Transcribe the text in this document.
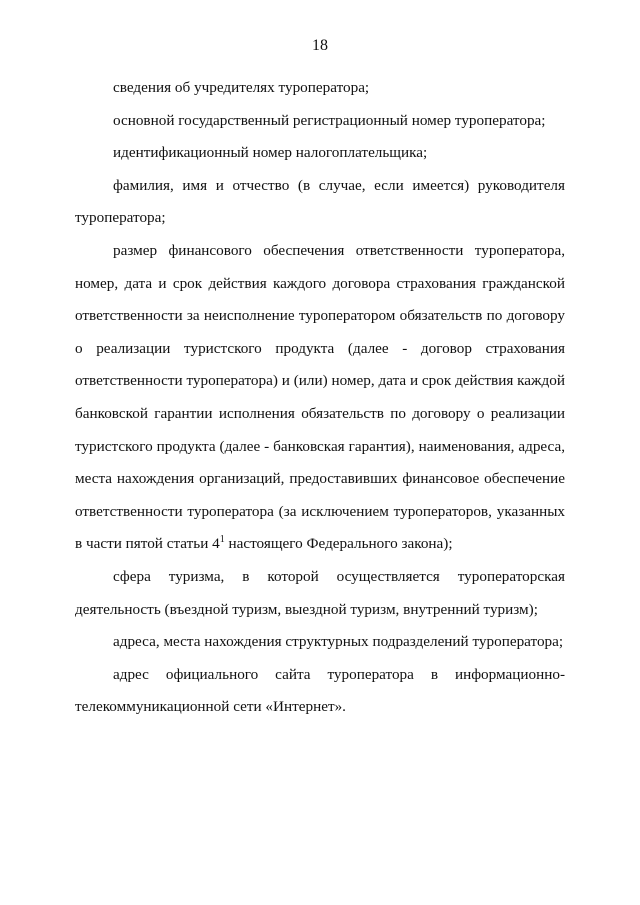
18

сведения об учредителях туроператора;

основной государственный регистрационный номер туроператора;

идентификационный номер налогоплательщика;

фамилия, имя и отчество (в случае, если имеется) руководителя туроператора;

размер финансового обеспечения ответственности туроператора, номер, дата и срок действия каждого договора страхования гражданской ответственности за неисполнение туроператором обязательств по договору о реализации туристского продукта (далее - договор страхования ответственности туроператора) и (или) номер, дата и срок действия каждой банковской гарантии исполнения обязательств по договору о реализации туристского продукта (далее - банковская гарантия), наименования, адреса, места нахождения организаций, предоставивших финансовое обеспечение ответственности туроператора (за исключением туроператоров, указанных в части пятой статьи $4^1$ настоящего Федерального закона);

сфера туризма, в которой осуществляется туроператорская деятельность (въездной туризм, выездной туризм, внутренний туризм);

адреса, места нахождения структурных подразделений туроператора;

адрес официального сайта туроператора в информационно-телекоммуникационной сети «Интернет».
